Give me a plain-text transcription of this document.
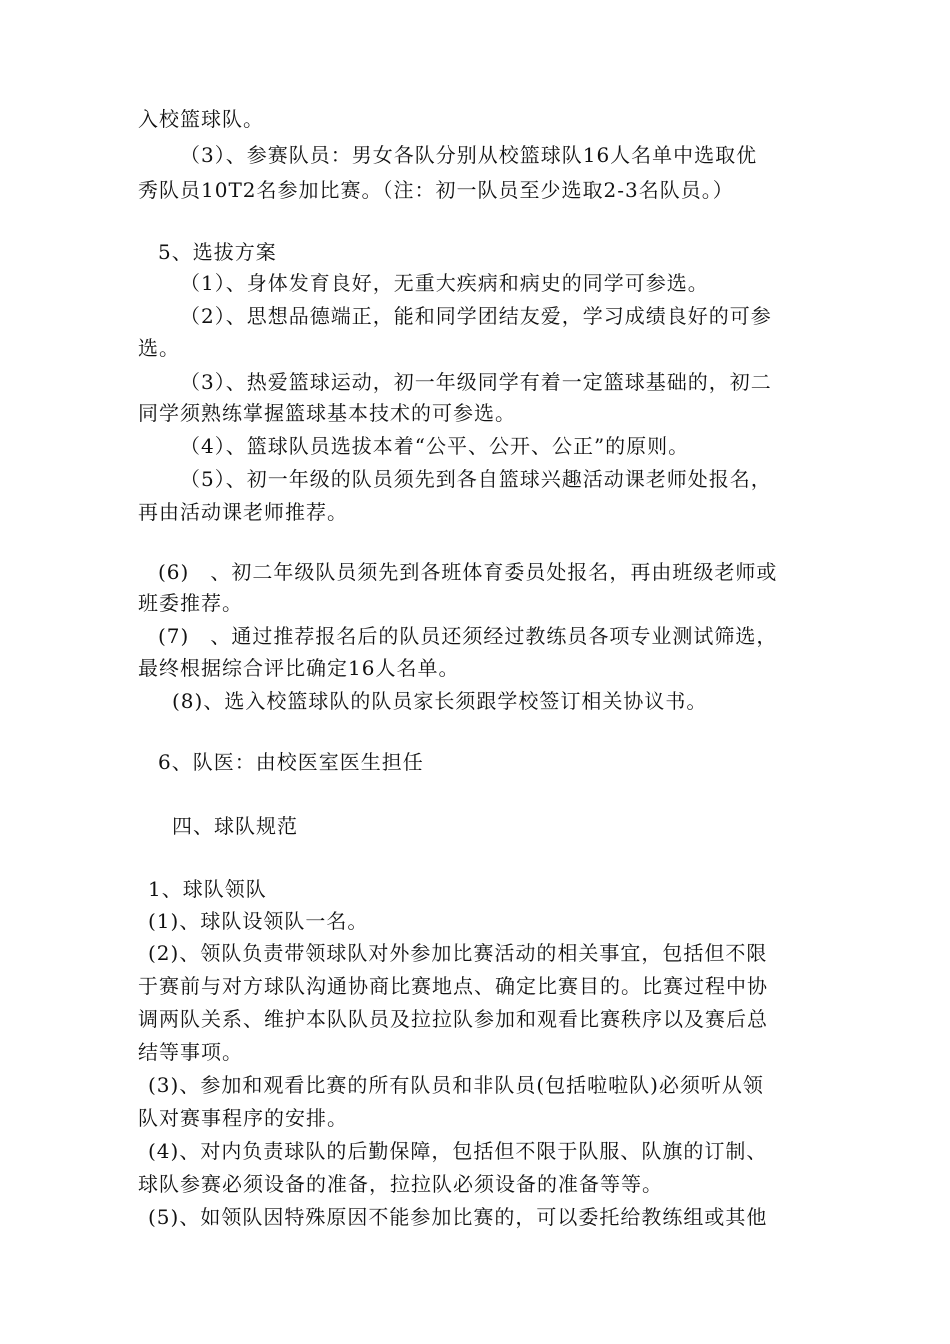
入校篮球队。
（3）、参赛队员：男女各队分别从校篮球队16人名单中选取优
秀队员10T2名参加比赛。（注：初一队员至少选取2-3名队员。）
5、选拔方案
（1）、身体发育良好，无重大疾病和病史的同学可参选。
（2）、思想品德端正，能和同学团结友爱，学习成绩良好的可参
选。
（3）、热爱篮球运动，初一年级同学有着一定篮球基础的，初二
同学须熟练掌握篮球基本技术的可参选。
（4）、篮球队员选拔本着“公平、公开、公正”的原则。
（5）、初一年级的队员须先到各自篮球兴趣活动课老师处报名，
再由活动课老师推荐。
(6)　、初二年级队员须先到各班体育委员处报名，再由班级老师或
班委推荐。
(7)　、通过推荐报名后的队员还须经过教练员各项专业测试筛选，
最终根据综合评比确定16人名单。
(8)、选入校篮球队的队员家长须跟学校签订相关协议书。
6、队医：由校医室医生担任
四、球队规范
1、球队领队
(1)、球队设领队一名。
(2)、领队负责带领球队对外参加比赛活动的相关事宜，包括但不限
于赛前与对方球队沟通协商比赛地点、确定比赛目的。比赛过程中协
调两队关系、维护本队队员及拉拉队参加和观看比赛秩序以及赛后总
结等事项。
(3)、参加和观看比赛的所有队员和非队员(包括啦啦队)必须听从领
队对赛事程序的安排。
(4)、对内负责球队的后勤保障，包括但不限于队服、队旗的订制、
球队参赛必须设备的准备，拉拉队必须设备的准备等等。
(5)、如领队因特殊原因不能参加比赛的，可以委托给教练组或其他
